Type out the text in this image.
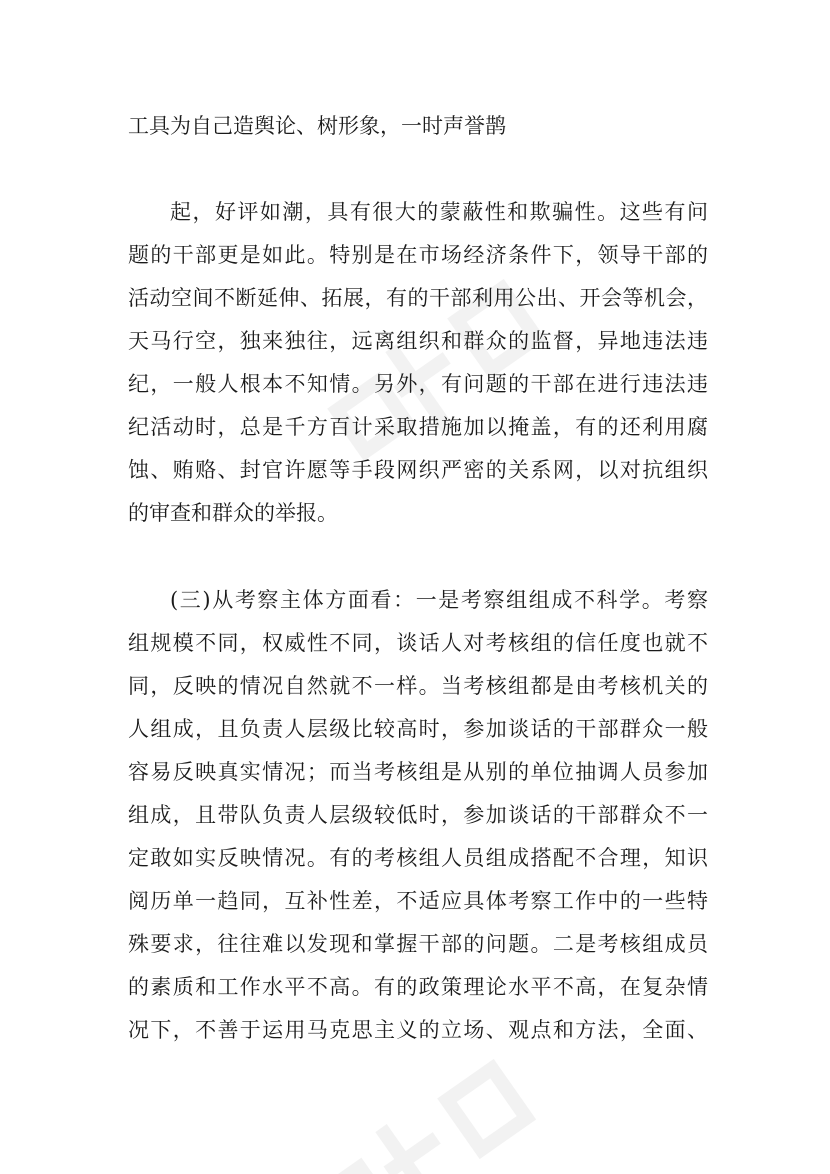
工具为自己造舆论、树形象，一时声誉鹊
起，好评如潮，具有很大的蒙蔽性和欺骗性。这些有问
题的干部更是如此。特别是在市场经济条件下，领导干部的
活动空间不断延伸、拓展，有的干部利用公出、开会等机会，
天马行空，独来独往，远离组织和群众的监督，异地违法违
纪，一般人根本不知情。另外，有问题的干部在进行违法违
纪活动时，总是千方百计采取措施加以掩盖，有的还利用腐
蚀、贿赂、封官许愿等手段网织严密的关系网，以对抗组织
的审查和群众的举报。
(三)从考察主体方面看：一是考察组组成不科学。考察
组规模不同，权威性不同，谈话人对考核组的信任度也就不
同，反映的情况自然就不一样。当考核组都是由考核机关的
人组成，且负责人层级比较高时，参加谈话的干部群众一般
容易反映真实情况；而当考核组是从别的单位抽调人员参加
组成，且带队负责人层级较低时，参加谈话的干部群众不一
定敢如实反映情况。有的考核组人员组成搭配不合理，知识
阅历单一趋同，互补性差，不适应具体考察工作中的一些特
殊要求，往往难以发现和掌握干部的问题。二是考核组成员
的素质和工作水平不高。有的政策理论水平不高，在复杂情
况下，不善于运用马克思主义的立场、观点和方法，全面、
